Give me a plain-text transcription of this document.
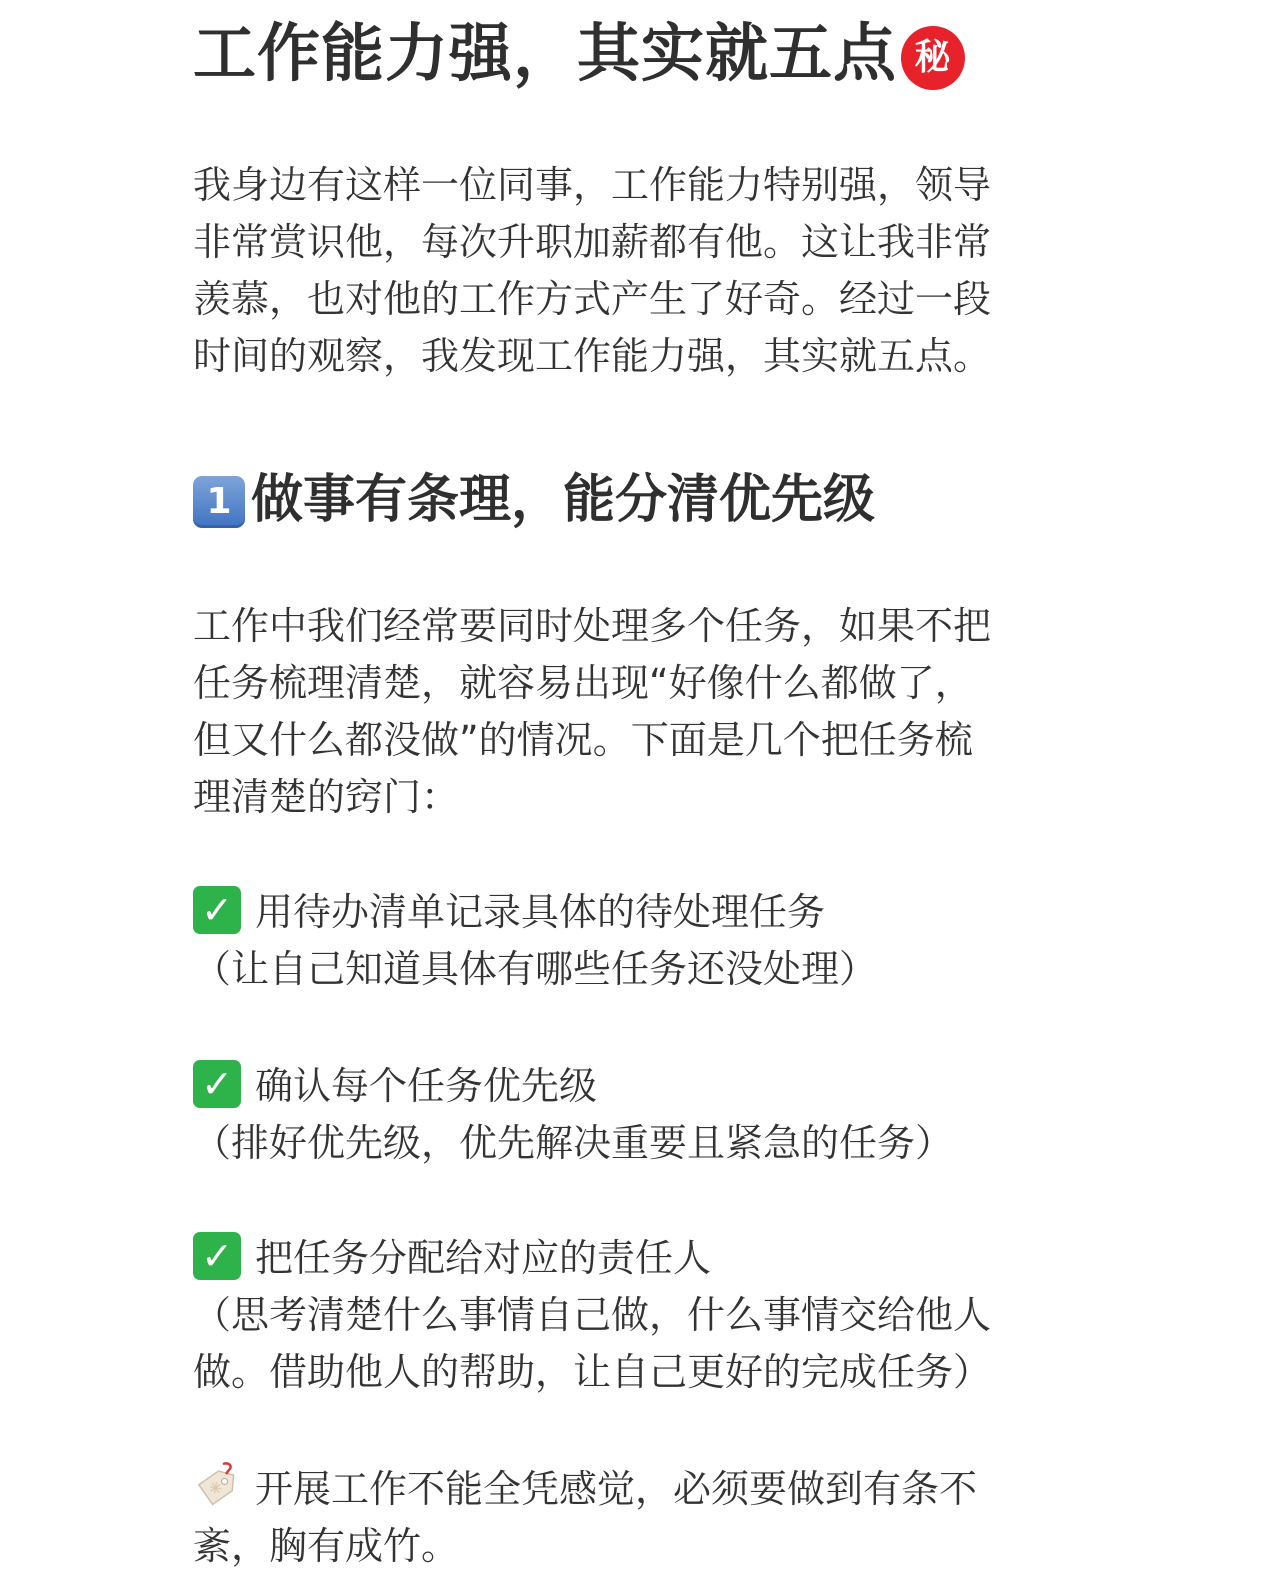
工作能力强，其实就五点 秘
我身边有这样一位同事，工作能力特别强，领导
非常赏识他，每次升职加薪都有他。这让我非常
羡慕，也对他的工作方式产生了好奇。经过一段
时间的观察，我发现工作能力强，其实就五点。
1 做事有条理，能分清优先级
工作中我们经常要同时处理多个任务，如果不把
任务梳理清楚，就容易出现“好像什么都做了，
但又什么都没做”的情况。下面是几个把任务梳
理清楚的窍门：
✓ 用待办清单记录具体的待处理任务
（让自己知道具体有哪些任务还没处理）
✓ 确认每个任务优先级
（排好优先级，优先解决重要且紧急的任务）
✓ 把任务分配给对应的责任人
（思考清楚什么事情自己做，什么事情交给他人
做。借助他人的帮助，让自己更好的完成任务）
开展工作不能全凭感觉，必须要做到有条不
紊，胸有成竹。
